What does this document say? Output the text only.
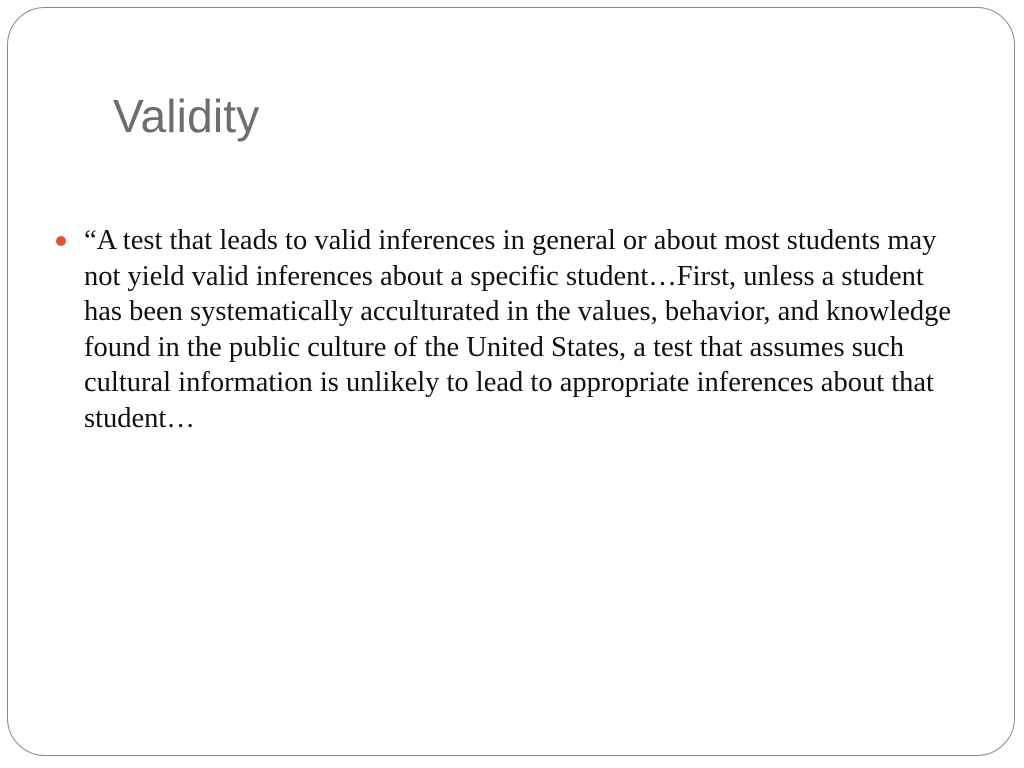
Validity
“A test that leads to valid inferences in general or about most students may not yield valid inferences about a specific student…First, unless a student has been systematically acculturated in the values, behavior, and knowledge found in the public culture of the United States, a test that assumes such cultural information is unlikely to lead to appropriate inferences about that student…
